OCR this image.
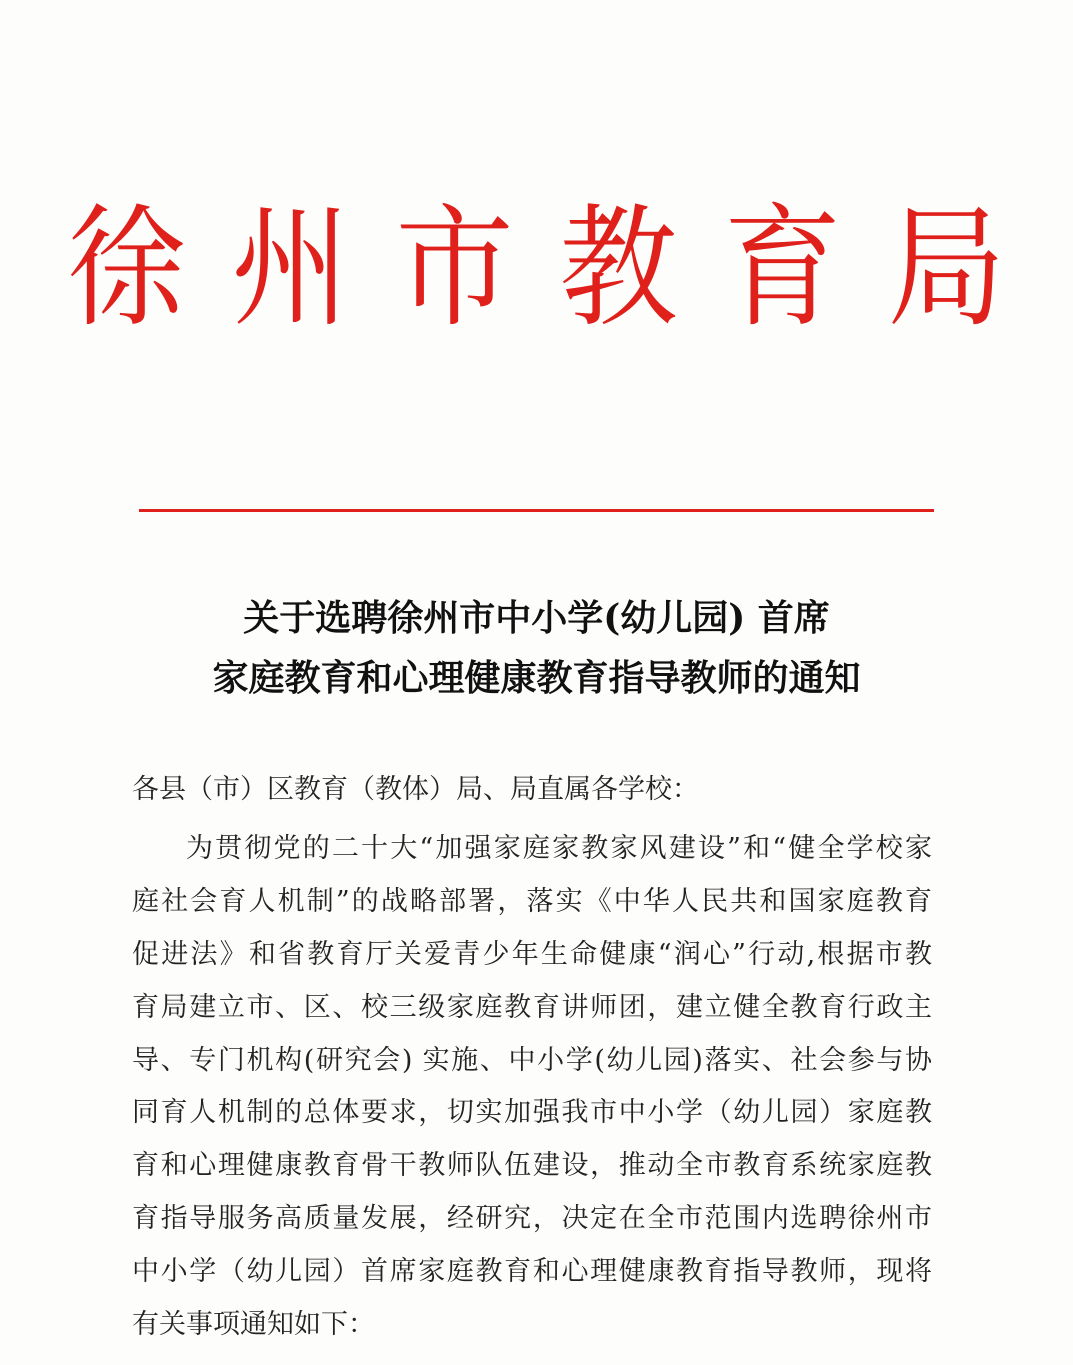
徐州市教育局
关于选聘徐州市中小学(幼儿园) 首席
家庭教育和心理健康教育指导教师的通知
各县（市）区教育（教体）局、局直属各学校：
为贯彻党的二十大“加强家庭家教家风建设”和“健全学校家
庭社会育人机制”的战略部署，落实《中华人民共和国家庭教育
促进法》和省教育厅关爱青少年生命健康“润心”行动,根据市教
育局建立市、区、校三级家庭教育讲师团，建立健全教育行政主
导、专门机构(研究会) 实施、中小学(幼儿园)落实、社会参与协
同育人机制的总体要求，切实加强我市中小学（幼儿园）家庭教
育和心理健康教育骨干教师队伍建设，推动全市教育系统家庭教
育指导服务高质量发展，经研究，决定在全市范围内选聘徐州市
中小学（幼儿园）首席家庭教育和心理健康教育指导教师，现将
有关事项通知如下：
